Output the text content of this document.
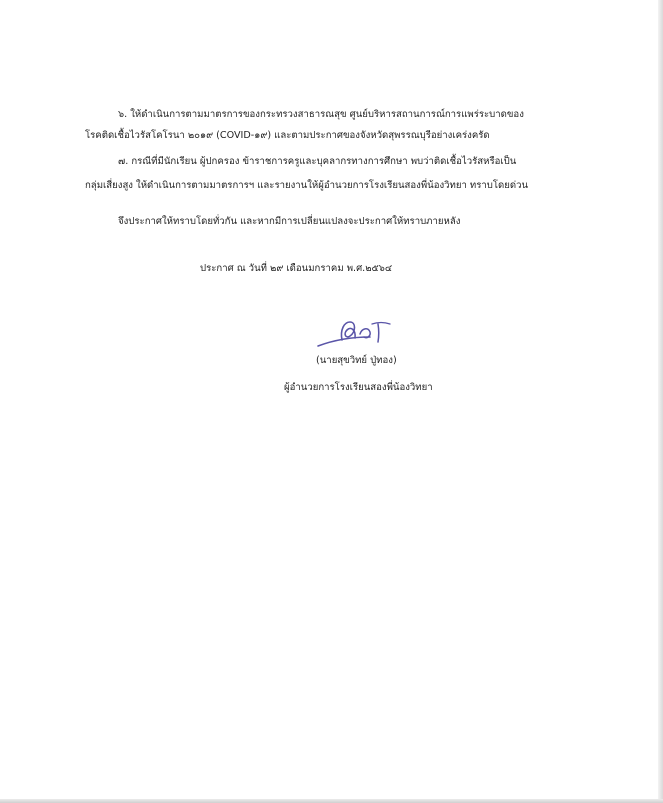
๖. ให้ดำเนินการตามมาตรการของกระทรวงสาธารณสุข ศูนย์บริหารสถานการณ์การแพร่ระบาดของ
โรคติดเชื้อไวรัสโคโรนา ๒๐๑๙ (COVID-๑๙) และตามประกาศของจังหวัดสุพรรณบุรีอย่างเคร่งครัด
๗. กรณีที่มีนักเรียน ผู้ปกครอง ข้าราชการครูและบุคลากรทางการศึกษา พบว่าติดเชื้อไวรัสหรือเป็น
กลุ่มเสี่ยงสูง ให้ดำเนินการตามมาตรการฯ และรายงานให้ผู้อำนวยการโรงเรียนสองพี่น้องวิทยา ทราบโดยด่วน
จึงประกาศให้ทราบโดยทั่วกัน และหากมีการเปลี่ยนแปลงจะประกาศให้ทราบภายหลัง
ประกาศ ณ วันที่ ๒๙ เดือนมกราคม พ.ศ.๒๕๖๔
(นายสุขวิทย์ ปู่ทอง)
ผู้อำนวยการโรงเรียนสองพี่น้องวิทยา
